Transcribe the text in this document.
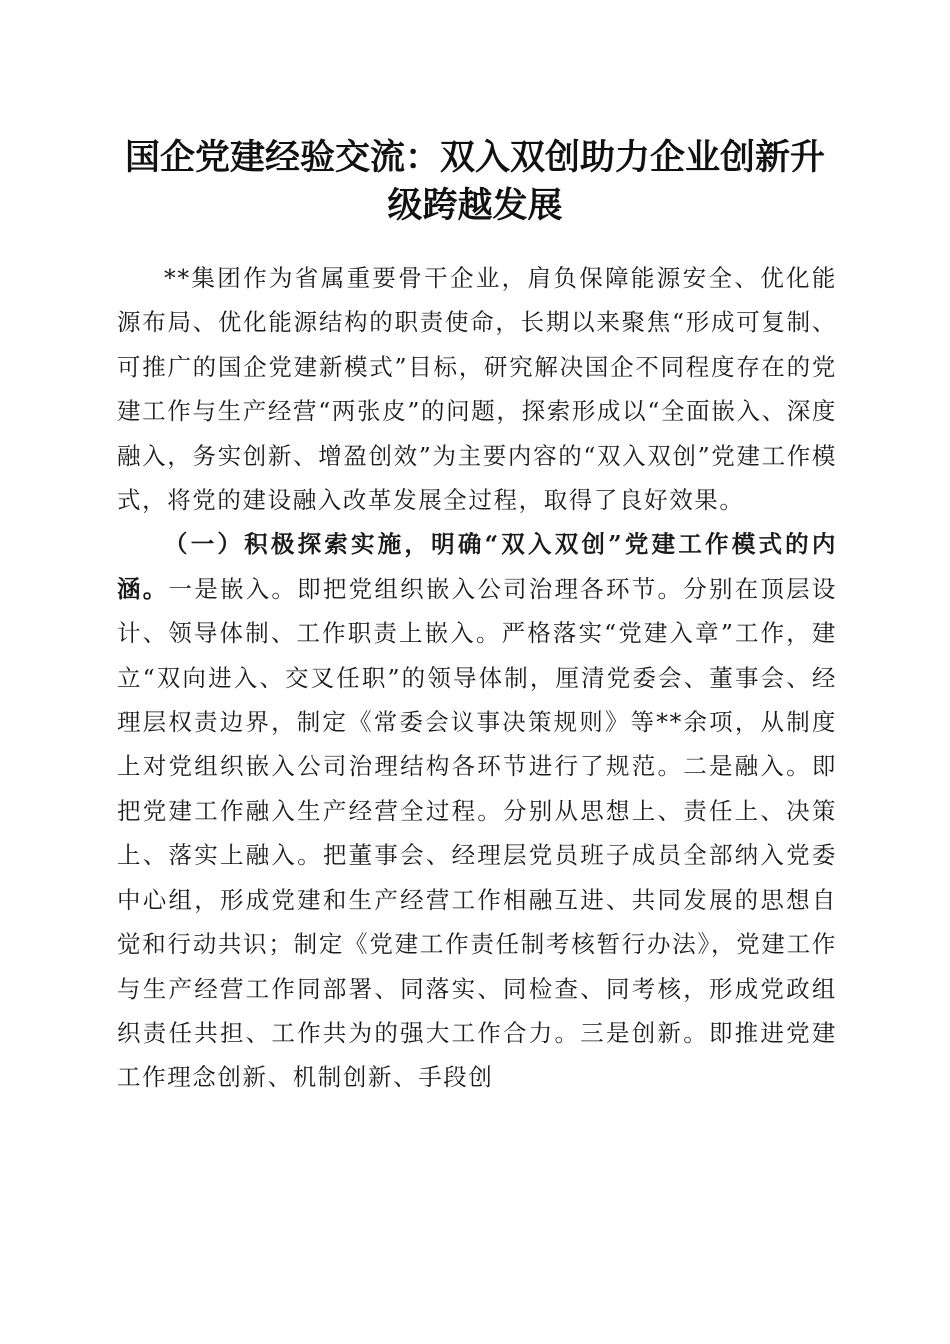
国企党建经验交流：双入双创助力企业创新升级跨越发展

**集团作为省属重要骨干企业，肩负保障能源安全、优化能源布局、优化能源结构的职责使命，长期以来聚焦“形成可复制、可推广的国企党建新模式”目标，研究解决国企不同程度存在的党建工作与生产经营“两张皮”的问题，探索形成以“全面嵌入、深度融入，务实创新、增盈创效”为主要内容的“双入双创”党建工作模式，将党的建设融入改革发展全过程，取得了良好效果。

（一）积极探索实施，明确“双入双创”党建工作模式的内涵。一是嵌入。即把党组织嵌入公司治理各环节。分别在顶层设计、领导体制、工作职责上嵌入。严格落实“党建入章”工作，建立“双向进入、交叉任职”的领导体制，厘清党委会、董事会、经理层权责边界，制定《常委会议事决策规则》等**余项，从制度上对党组织嵌入公司治理结构各环节进行了规范。二是融入。即把党建工作融入生产经营全过程。分别从思想上、责任上、决策上、落实上融入。把董事会、经理层党员班子成员全部纳入党委中心组，形成党建和生产经营工作相融互进、共同发展的思想自觉和行动共识；制定《党建工作责任制考核暂行办法》，党建工作与生产经营工作同部署、同落实、同检查、同考核，形成党政组织责任共担、工作共为的强大工作合力。三是创新。即推进党建工作理念创新、机制创新、手段创
